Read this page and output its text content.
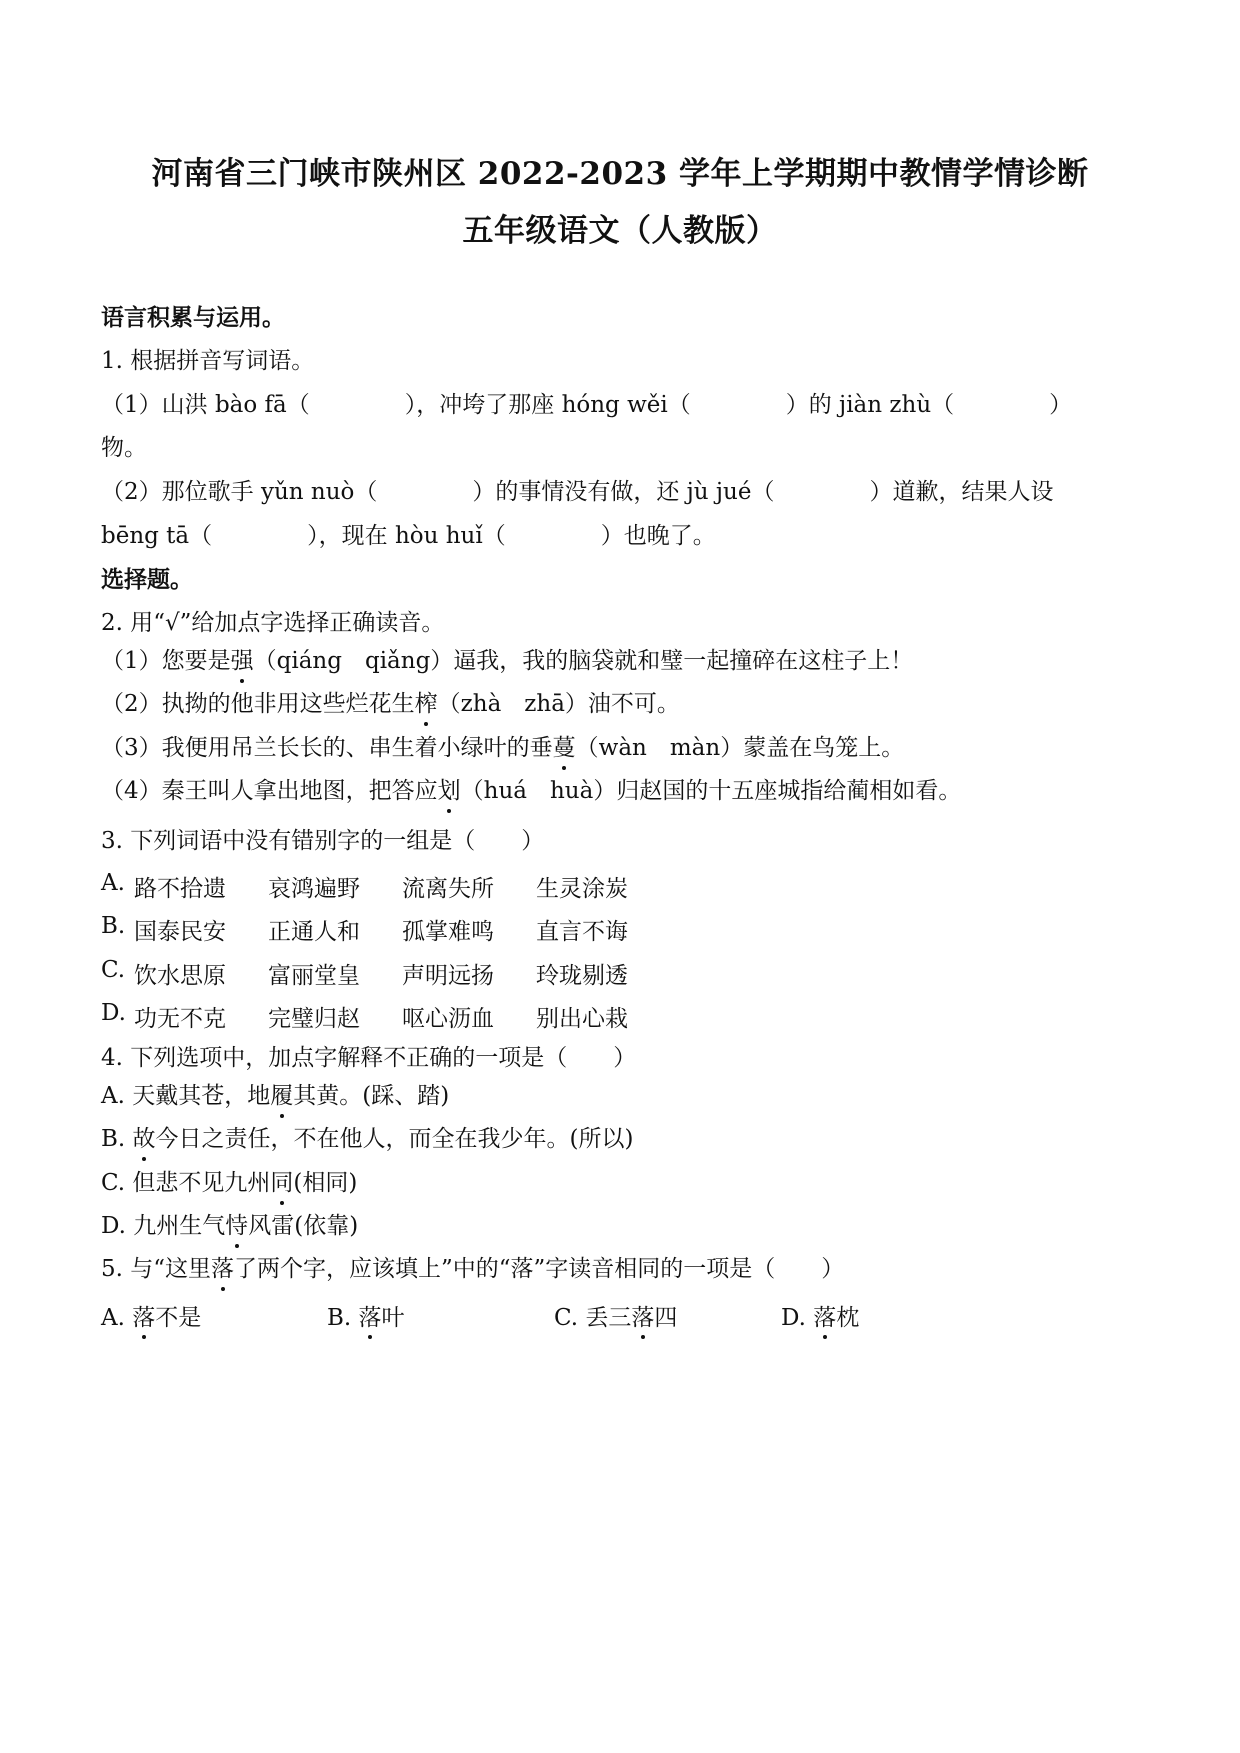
河南省三门峡市陕州区 2022-2023 学年上学期期中教情学情诊断
五年级语文（人教版）
语言积累与运用。
1. 根据拼音写词语。
（1）山洪 bào fā（	），冲垮了那座 hóng wěi（	）的 jiàn zhù（	）
物。
（2）那位歌手 yǔn nuò（	）的事情没有做，还 jù jué（	）道歉，结果人设
bēng tā（	），现在 hòu huǐ（	）也晚了。
选择题。
2. 用“√”给加点字选择正确读音。
（1）您要是强（qiáng　qiǎng）逼我，我的脑袋就和璧一起撞碎在这柱子上！
（2）执拗的他非用这些烂花生榨（zhà　zhā）油不可。
（3）我便用吊兰长长的、串生着小绿叶的垂蔓（wàn　màn）蒙盖在鸟笼上。
（4）秦王叫人拿出地图，把答应划（huá　huà）归赵国的十五座城指给蔺相如看。
3. 下列词语中没有错别字的一组是（　　）
A. 路不拾遗 哀鸿遍野 流离失所 生灵涂炭
B. 国泰民安 正通人和 孤掌难鸣 直言不诲
C. 饮水思原 富丽堂皇 声明远扬 玲珑剔透
D. 功无不克 完璧归赵 呕心沥血 别出心栽
4. 下列选项中，加点字解释不正确的一项是（　　）
A. 天戴其苍，地履其黄。(踩、踏)
B. 故今日之责任，不在他人，而全在我少年。(所以)
C. 但悲不见九州同(相同)
D. 九州生气恃风雷(依靠)
5. 与“这里落了两个字，应该填上”中的“落”字读音相同的一项是（　　）
A. 落不是	B. 落叶	C. 丢三落四	D. 落枕
